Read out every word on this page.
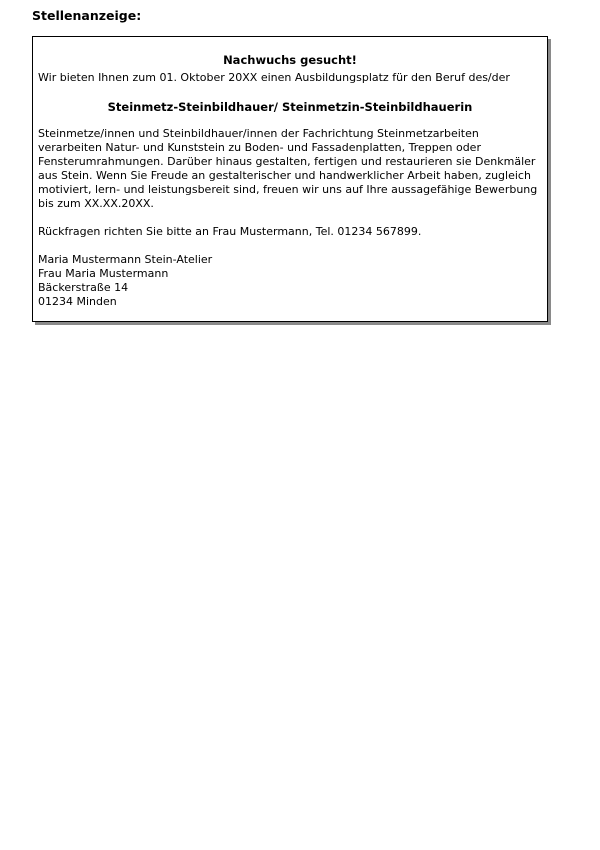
Stellenanzeige:
Nachwuchs gesucht!
Wir bieten Ihnen zum 01. Oktober 20XX einen Ausbildungsplatz für den Beruf des/der
Steinmetz-Steinbildhauer/ Steinmetzin-Steinbildhauerin
Steinmetze/innen und Steinbildhauer/innen der Fachrichtung Steinmetzarbeiten verarbeiten Natur- und Kunststein zu Boden- und Fassadenplatten, Treppen oder Fensterumrahmungen. Darüber hinaus gestalten, fertigen und restaurieren sie Denkmäler aus Stein. Wenn Sie Freude an gestalterischer und handwerklicher Arbeit haben, zugleich motiviert, lern- und leistungsbereit sind, freuen wir uns auf Ihre aussagefähige Bewerbung bis zum XX.XX.20XX.
Rückfragen richten Sie bitte an Frau Mustermann, Tel. 01234 567899.
Maria Mustermann Stein-Atelier
Frau Maria Mustermann
Bäckerstraße 14
01234 Minden
